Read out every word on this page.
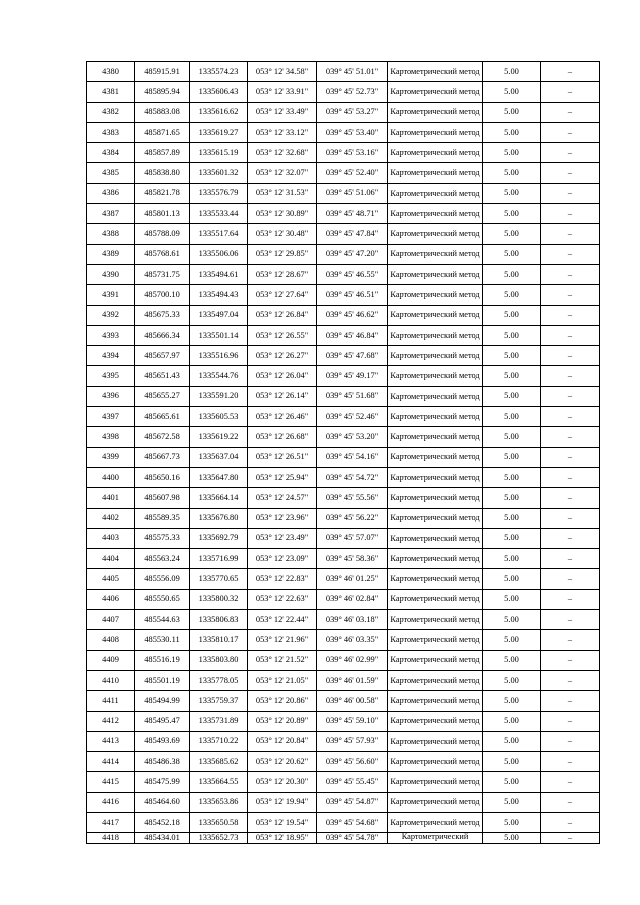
4380	485915.91	1335574.23	053° 12' 34.58"	039° 45' 51.01"	Картометрический метод	5.00	–
4381	485895.94	1335606.43	053° 12' 33.91"	039° 45' 52.73"	Картометрический метод	5.00	–
4382	485883.08	1335616.62	053° 12' 33.49"	039° 45' 53.27"	Картометрический метод	5.00	–
4383	485871.65	1335619.27	053° 12' 33.12"	039° 45' 53.40"	Картометрический метод	5.00	–
4384	485857.89	1335615.19	053° 12' 32.68"	039° 45' 53.16"	Картометрический метод	5.00	–
4385	485838.80	1335601.32	053° 12' 32.07"	039° 45' 52.40"	Картометрический метод	5.00	–
4386	485821.78	1335576.79	053° 12' 31.53"	039° 45' 51.06"	Картометрический метод	5.00	–
4387	485801.13	1335533.44	053° 12' 30.89"	039° 45' 48.71"	Картометрический метод	5.00	–
4388	485788.09	1335517.64	053° 12' 30.48"	039° 45' 47.84"	Картометрический метод	5.00	–
4389	485768.61	1335506.06	053° 12' 29.85"	039° 45' 47.20"	Картометрический метод	5.00	–
4390	485731.75	1335494.61	053° 12' 28.67"	039° 45' 46.55"	Картометрический метод	5.00	–
4391	485700.10	1335494.43	053° 12' 27.64"	039° 45' 46.51"	Картометрический метод	5.00	–
4392	485675.33	1335497.04	053° 12' 26.84"	039° 45' 46.62"	Картометрический метод	5.00	–
4393	485666.34	1335501.14	053° 12' 26.55"	039° 45' 46.84"	Картометрический метод	5.00	–
4394	485657.97	1335516.96	053° 12' 26.27"	039° 45' 47.68"	Картометрический метод	5.00	–
4395	485651.43	1335544.76	053° 12' 26.04"	039° 45' 49.17"	Картометрический метод	5.00	–
4396	485655.27	1335591.20	053° 12' 26.14"	039° 45' 51.68"	Картометрический метод	5.00	–
4397	485665.61	1335605.53	053° 12' 26.46"	039° 45' 52.46"	Картометрический метод	5.00	–
4398	485672.58	1335619.22	053° 12' 26.68"	039° 45' 53.20"	Картометрический метод	5.00	–
4399	485667.73	1335637.04	053° 12' 26.51"	039° 45' 54.16"	Картометрический метод	5.00	–
4400	485650.16	1335647.80	053° 12' 25.94"	039° 45' 54.72"	Картометрический метод	5.00	–
4401	485607.98	1335664.14	053° 12' 24.57"	039° 45' 55.56"	Картометрический метод	5.00	–
4402	485589.35	1335676.80	053° 12' 23.96"	039° 45' 56.22"	Картометрический метод	5.00	–
4403	485575.33	1335692.79	053° 12' 23.49"	039° 45' 57.07"	Картометрический метод	5.00	–
4404	485563.24	1335716.99	053° 12' 23.09"	039° 45' 58.36"	Картометрический метод	5.00	–
4405	485556.09	1335770.65	053° 12' 22.83"	039° 46' 01.25"	Картометрический метод	5.00	–
4406	485550.65	1335800.32	053° 12' 22.63"	039° 46' 02.84"	Картометрический метод	5.00	–
4407	485544.63	1335806.83	053° 12' 22.44"	039° 46' 03.18"	Картометрический метод	5.00	–
4408	485530.11	1335810.17	053° 12' 21.96"	039° 46' 03.35"	Картометрический метод	5.00	–
4409	485516.19	1335803.80	053° 12' 21.52"	039° 46' 02.99"	Картометрический метод	5.00	–
4410	485501.19	1335778.05	053° 12' 21.05"	039° 46' 01.59"	Картометрический метод	5.00	–
4411	485494.99	1335759.37	053° 12' 20.86"	039° 46' 00.58"	Картометрический метод	5.00	–
4412	485495.47	1335731.89	053° 12' 20.89"	039° 45' 59.10"	Картометрический метод	5.00	–
4413	485493.69	1335710.22	053° 12' 20.84"	039° 45' 57.93"	Картометрический метод	5.00	–
4414	485486.38	1335685.62	053° 12' 20.62"	039° 45' 56.60"	Картометрический метод	5.00	–
4415	485475.99	1335664.55	053° 12' 20.30"	039° 45' 55.45"	Картометрический метод	5.00	–
4416	485464.60	1335653.86	053° 12' 19.94"	039° 45' 54.87"	Картометрический метод	5.00	–
4417	485452.18	1335650.58	053° 12' 19.54"	039° 45' 54.68"	Картометрический метод	5.00	–
4418	485434.01	1335652.73	053° 12' 18.95"	039° 45' 54.78"	Картометрический	5.00	–
